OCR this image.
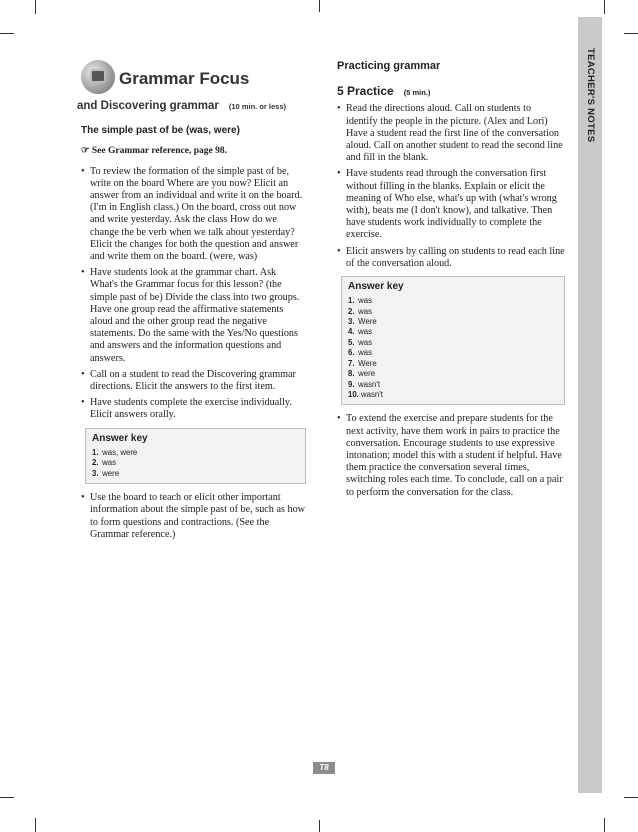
TEACHER'S NOTES
Grammar Focus
and Discovering grammar (10 min. or less)
The simple past of be (was, were)
☞ See Grammar reference, page 98.
• To review the formation of the simple past of be, write on the board Where are you now? Elicit an answer from an individual and write it on the board. (I'm in English class.) On the board, cross out now and write yesterday. Ask the class How do we change the be verb when we talk about yesterday? Elicit the changes for both the question and answer and write them on the board. (were, was)
• Have students look at the grammar chart. Ask What's the Grammar focus for this lesson? (the simple past of be) Divide the class into two groups. Have one group read the affirmative statements aloud and the other group read the negative statements. Do the same with the Yes/No questions and answers and the information questions and answers.
• Call on a student to read the Discovering grammar directions. Elicit the answers to the first item.
• Have students complete the exercise individually. Elicit answers orally.
Answer key
1. was, were
2. was
3. were
• Use the board to teach or elicit other important information about the simple past of be, such as how to form questions and contractions. (See the Grammar reference.)
Practicing grammar
5 Practice (5 min.)
• Read the directions aloud. Call on students to identify the people in the picture. (Alex and Lori) Have a student read the first line of the conversation aloud. Call on another student to read the second line and fill in the blank.
• Have students read through the conversation first without filling in the blanks. Explain or elicit the meaning of Who else, what's up with (what's wrong with), beats me (I don't know), and talkative. Then have students work individually to complete the exercise.
• Elicit answers by calling on students to read each line of the conversation aloud.
Answer key
1. was
2. was
3. Were
4. was
5. was
6. was
7. Were
8. were
9. wasn't
10. wasn't
• To extend the exercise and prepare students for the next activity, have them work in pairs to practice the conversation. Encourage students to use expressive intonation; model this with a student if helpful. Have them practice the conversation several times, switching roles each time. To conclude, call on a pair to perform the conversation for the class.
T8
